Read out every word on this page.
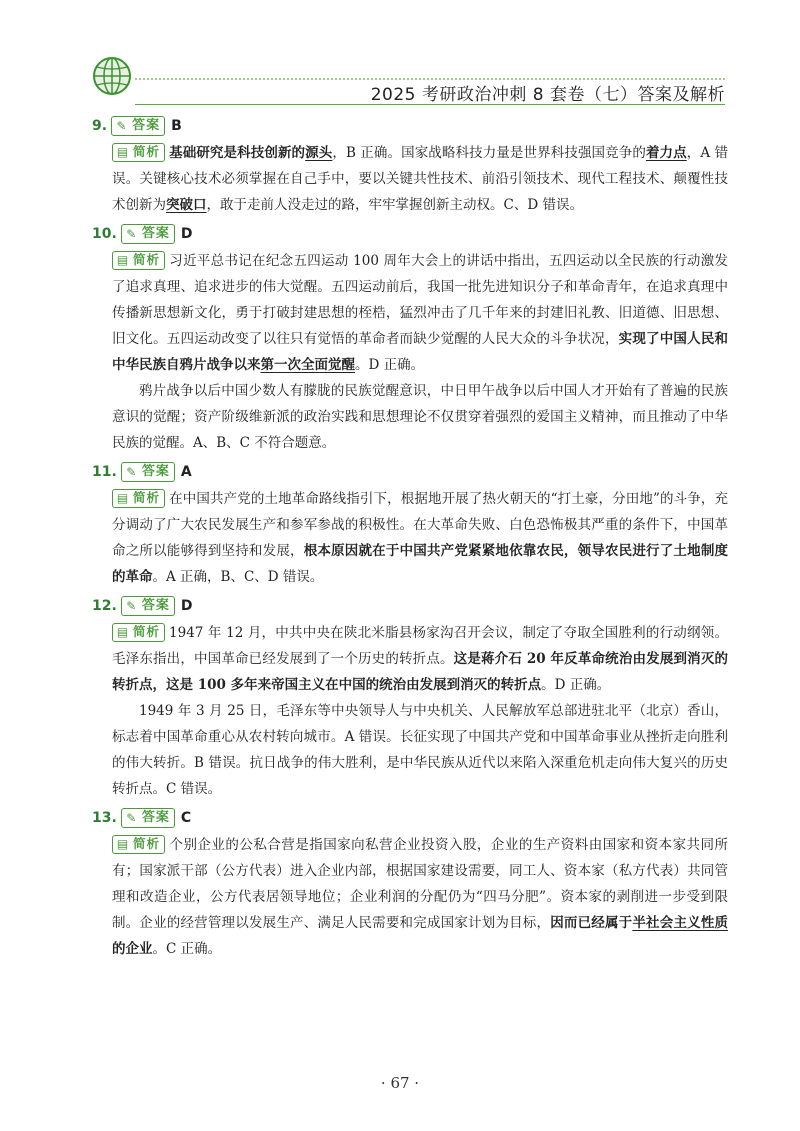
2025 考研政治冲刺 8 套卷（七）答案及解析
9. ✎ 答案 B
▤ 简析 基础研究是科技创新的源头，B 正确。国家战略科技力量是世界科技强国竞争的着力点，A 错误。关键核心技术必须掌握在自己手中，要以关键共性技术、前沿引领技术、现代工程技术、颠覆性技术创新为突破口，敢于走前人没走过的路，牢牢掌握创新主动权。C、D 错误。
10. ✎ 答案 D
▤ 简析 习近平总书记在纪念五四运动 100 周年大会上的讲话中指出，五四运动以全民族的行动激发了追求真理、追求进步的伟大觉醒。五四运动前后，我国一批先进知识分子和革命青年，在追求真理中传播新思想新文化，勇于打破封建思想的桎梏，猛烈冲击了几千年来的封建旧礼教、旧道德、旧思想、旧文化。五四运动改变了以往只有觉悟的革命者而缺少觉醒的人民大众的斗争状况，实现了中国人民和中华民族自鸦片战争以来第一次全面觉醒。D 正确。
鸦片战争以后中国少数人有朦胧的民族觉醒意识，中日甲午战争以后中国人才开始有了普遍的民族意识的觉醒；资产阶级维新派的政治实践和思想理论不仅贯穿着强烈的爱国主义精神，而且推动了中华民族的觉醒。A、B、C 不符合题意。
11. ✎ 答案 A
▤ 简析 在中国共产党的土地革命路线指引下，根据地开展了热火朝天的“打土豪，分田地”的斗争，充分调动了广大农民发展生产和参军参战的积极性。在大革命失败、白色恐怖极其严重的条件下，中国革命之所以能够得到坚持和发展，根本原因就在于中国共产党紧紧地依靠农民，领导农民进行了土地制度的革命。A 正确，B、C、D 错误。
12. ✎ 答案 D
▤ 简析 1947 年 12 月，中共中央在陕北米脂县杨家沟召开会议，制定了夺取全国胜利的行动纲领。毛泽东指出，中国革命已经发展到了一个历史的转折点。这是蒋介石 20 年反革命统治由发展到消灭的转折点，这是 100 多年来帝国主义在中国的统治由发展到消灭的转折点。D 正确。
1949 年 3 月 25 日，毛泽东等中央领导人与中央机关、人民解放军总部进驻北平（北京）香山，标志着中国革命重心从农村转向城市。A 错误。长征实现了中国共产党和中国革命事业从挫折走向胜利的伟大转折。B 错误。抗日战争的伟大胜利，是中华民族从近代以来陷入深重危机走向伟大复兴的历史转折点。C 错误。
13. ✎ 答案 C
▤ 简析 个别企业的公私合营是指国家向私营企业投资入股，企业的生产资料由国家和资本家共同所有；国家派干部（公方代表）进入企业内部，根据国家建设需要，同工人、资本家（私方代表）共同管理和改造企业，公方代表居领导地位；企业利润的分配仍为“四马分肥”。资本家的剥削进一步受到限制。企业的经营管理以发展生产、满足人民需要和完成国家计划为目标，因而已经属于半社会主义性质的企业。C 正确。
· 67 ·
